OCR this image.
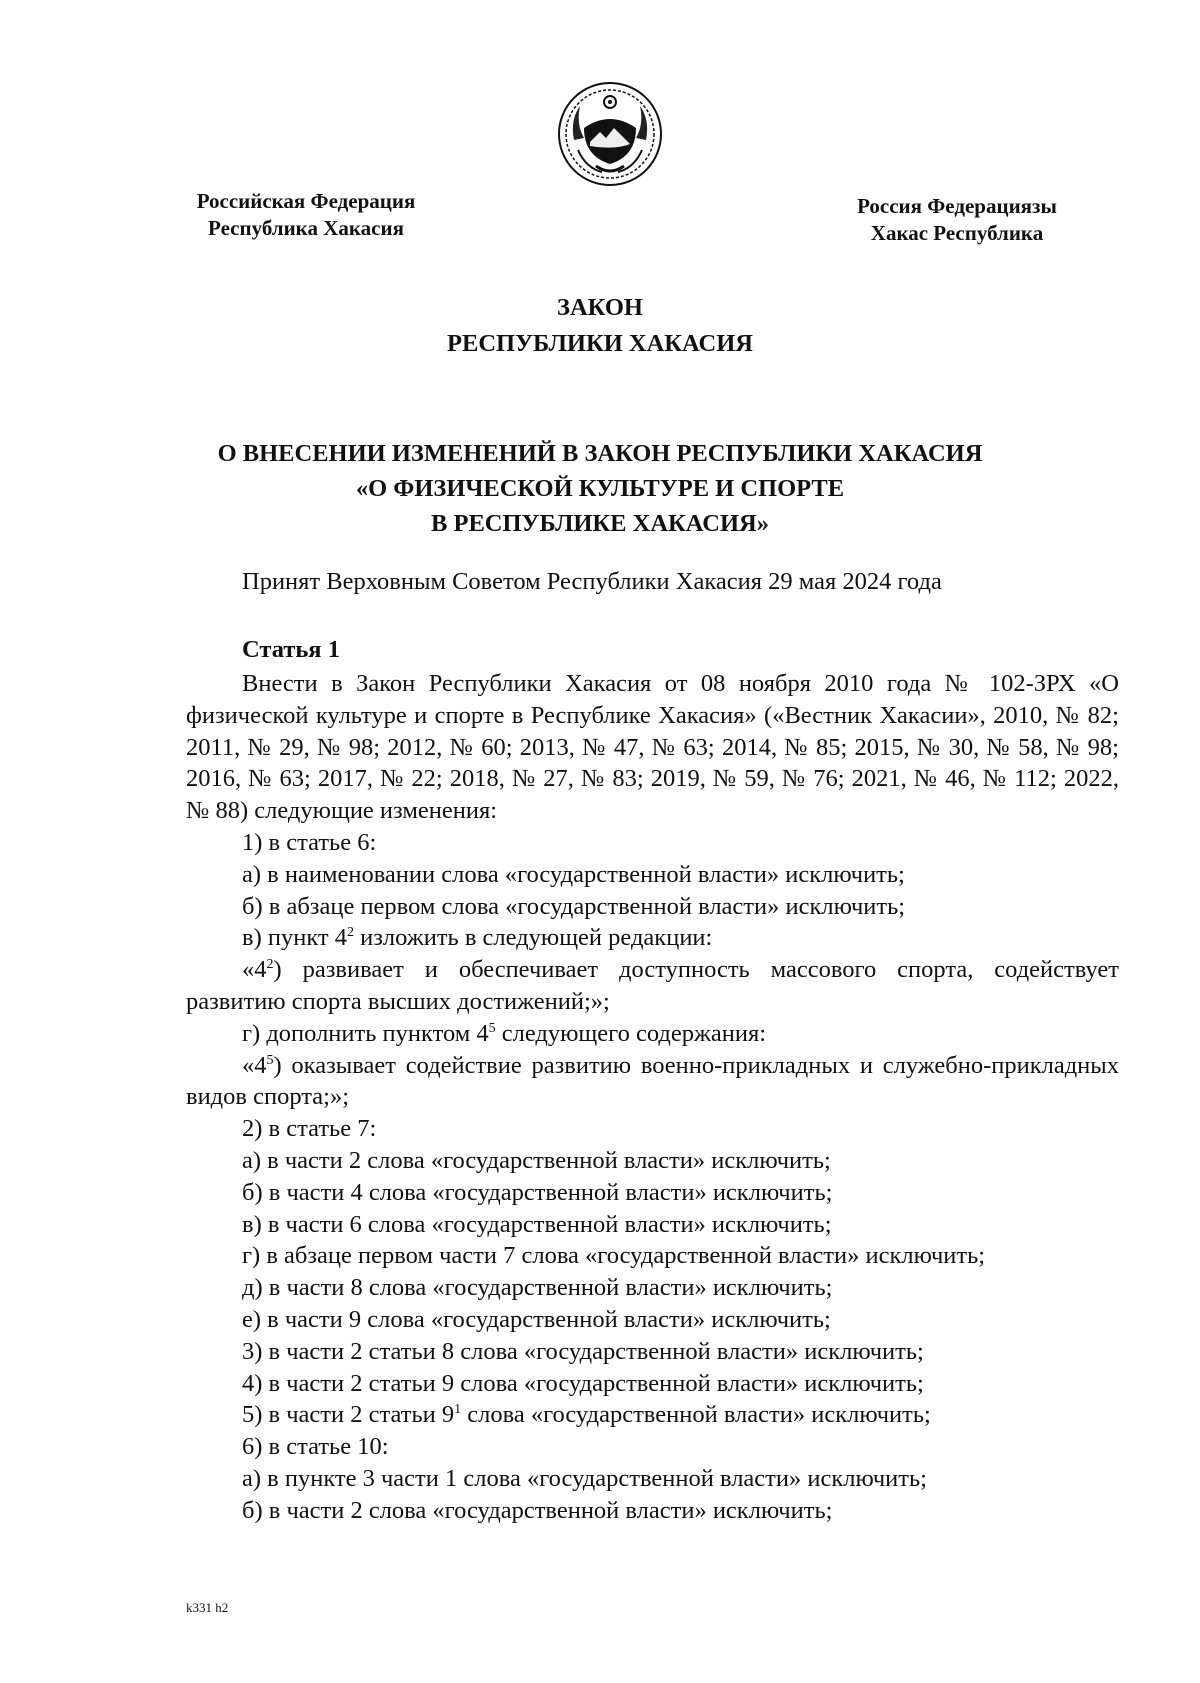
Российская Федерация
Республика Хакасия
Россия Федерациязы
Хакас Республика
ЗАКОН
РЕСПУБЛИКИ ХАКАСИЯ
О ВНЕСЕНИИ ИЗМЕНЕНИЙ В ЗАКОН РЕСПУБЛИКИ ХАКАСИЯ
«О ФИЗИЧЕСКОЙ КУЛЬТУРЕ И СПОРТЕ
В РЕСПУБЛИКЕ ХАКАСИЯ»
Принят Верховным Советом Республики Хакасия 29 мая 2024 года
Статья 1

Внести в Закон Республики Хакасия от 08 ноября 2010 года № 102-ЗРХ «О физической культуре и спорте в Республике Хакасия» («Вестник Хакасии», 2010, № 82; 2011, № 29, № 98; 2012, № 60; 2013, № 47, № 63; 2014, № 85; 2015, № 30, № 58, № 98; 2016, № 63; 2017, № 22; 2018, № 27, № 83; 2019, № 59, № 76; 2021, № 46, № 112; 2022, № 88) следующие изменения:

1) в статье 6:

а) в наименовании слова «государственной власти» исключить;

б) в абзаце первом слова «государственной власти» исключить;

в) пункт $4^2$ изложить в следующей редакции:

«$4^2$) развивает и обеспечивает доступность массового спорта, содействует развитию спорта высших достижений;»;

г) дополнить пунктом $4^5$ следующего содержания:

«$4^5$) оказывает содействие развитию военно-прикладных и служебно-прикладных видов спорта;»;

2) в статье 7:

а) в части 2 слова «государственной власти» исключить;

б) в части 4 слова «государственной власти» исключить;

в) в части 6 слова «государственной власти» исключить;

г) в абзаце первом части 7 слова «государственной власти» исключить;

д) в части 8 слова «государственной власти» исключить;

е) в части 9 слова «государственной власти» исключить;

3) в части 2 статьи 8 слова «государственной власти» исключить;

4) в части 2 статьи 9 слова «государственной власти» исключить;

5) в части 2 статьи $9^1$ слова «государственной власти» исключить;

6) в статье 10:

а) в пункте 3 части 1 слова «государственной власти» исключить;

б) в части 2 слова «государственной власти» исключить;

k331 h2
